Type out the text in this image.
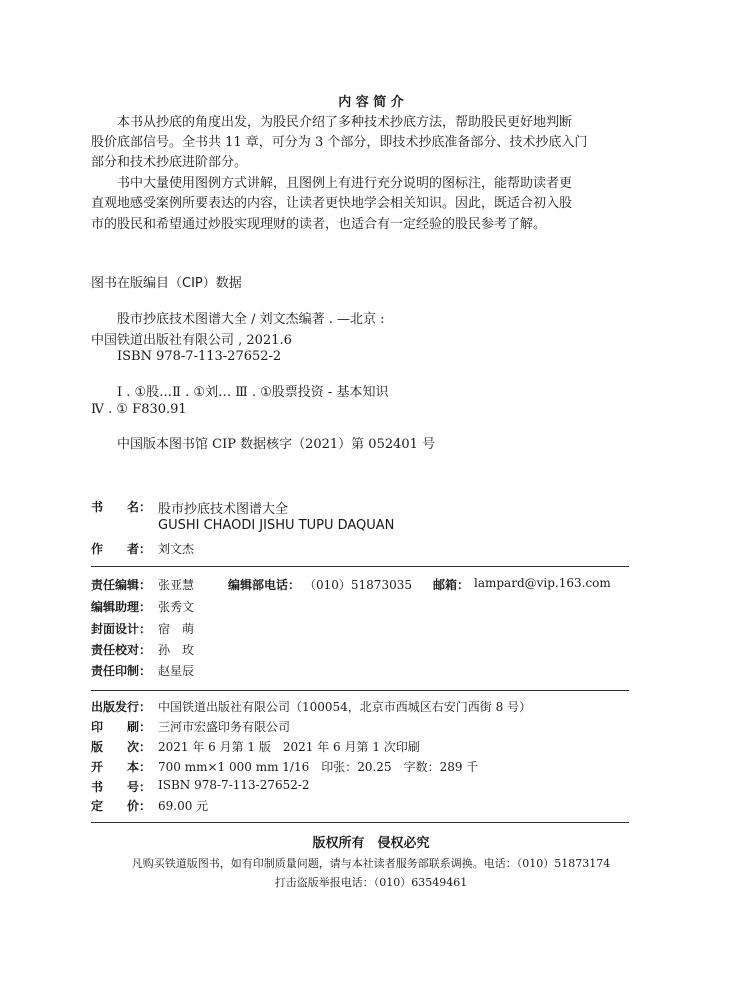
内 容 简 介
本书从抄底的角度出发，为股民介绍了多种技术抄底方法，帮助股民更好地判断
股价底部信号。全书共 11 章，可分为 3 个部分，即技术抄底准备部分、技术抄底入门
部分和技术抄底进阶部分。
书中大量使用图例方式讲解，且图例上有进行充分说明的图标注，能帮助读者更
直观地感受案例所要表达的内容，让读者更快地学会相关知识。因此，既适合初入股
市的股民和希望通过炒股实现理财的读者，也适合有一定经验的股民参考了解。
图书在版编目（CIP）数据
股市抄底技术图谱大全 / 刘文杰编著 . —北京 :
中国铁道出版社有限公司 , 2021.6
ISBN 978-7-113-27652-2
Ⅰ . ①股…Ⅱ . ①刘… Ⅲ . ①股票投资 - 基本知识
Ⅳ . ① F830.91
中国版本图书馆 CIP 数据核字（2021）第 052401 号
书　　名： 股市抄底技术图谱大全
GUSHI CHAODI JISHU TUPU DAQUAN
作　　者： 刘文杰
责任编辑： 张亚慧	编辑部电话： （010）51873035 邮箱： lampard@vip.163.com
编辑助理： 张秀文
封面设计： 宿　萌
责任校对： 孙　玫
责任印制： 赵星辰
出版发行： 中国铁道出版社有限公司（100054，北京市西城区右安门西街 8 号）
印　　刷： 三河市宏盛印务有限公司
版　　次： 2021 年 6 月第 1 版　2021 年 6 月第 1 次印刷
开　　本： 700 mm×1 000 mm 1/16　印张：20.25　字数：289 千
书　　号： ISBN 978-7-113-27652-2
定　　价： 69.00 元
版权所有　侵权必究
凡购买铁道版图书，如有印制质量问题，请与本社读者服务部联系调换。电话：（010）51873174
打击盗版举报电话：（010）63549461
